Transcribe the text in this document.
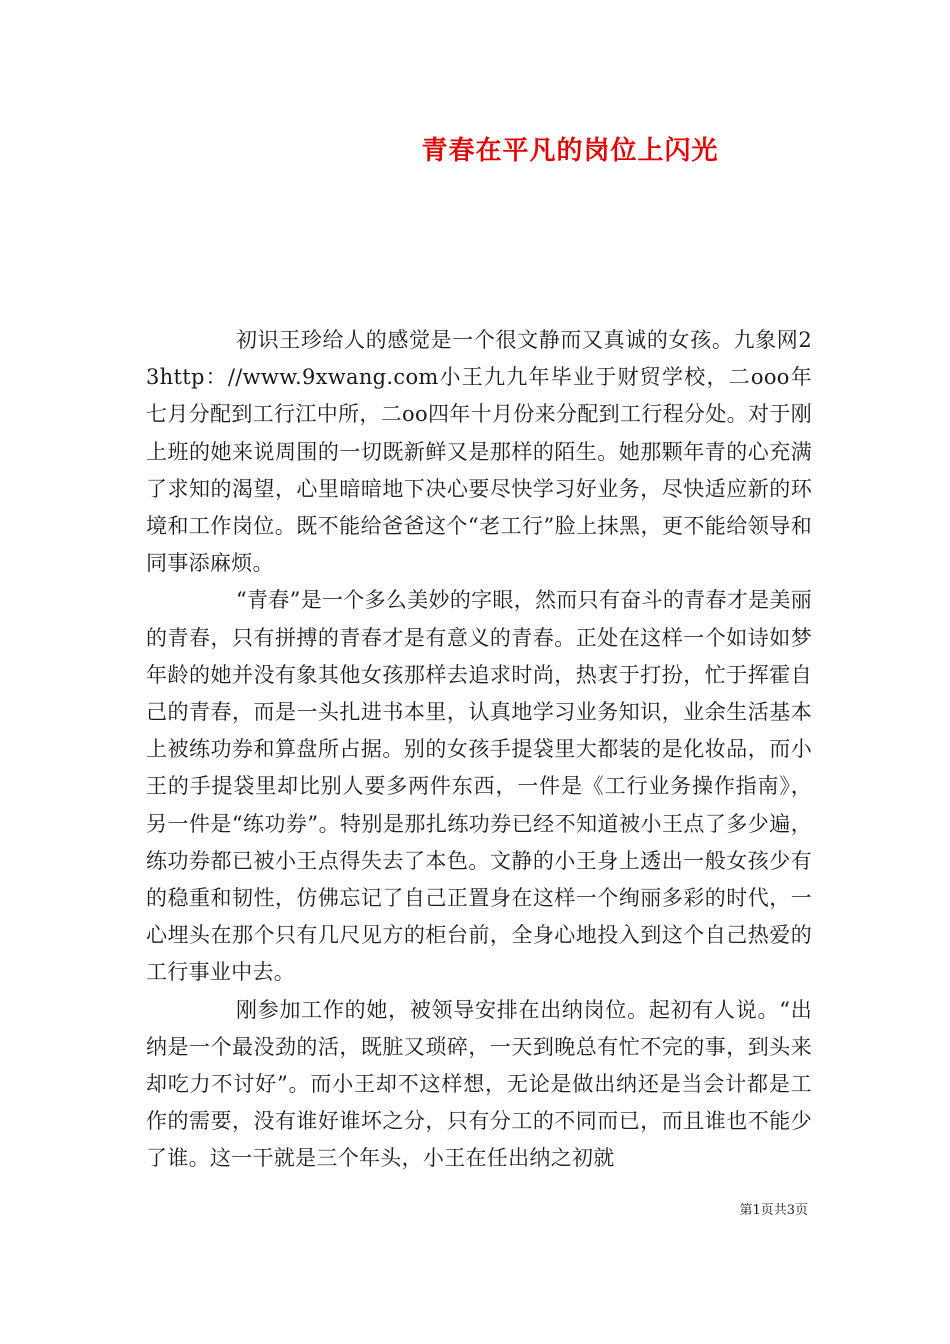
青春在平凡的岗位上闪光

初识王珍给人的感觉是一个很文静而又真诚的女孩。九象网23http：//www.9xwang.com小王九九年毕业于财贸学校，二ooo年七月分配到工行江中所，二oo四年十月份来分配到工行程分处。对于刚上班的她来说周围的一切既新鲜又是那样的陌生。她那颗年青的心充满了求知的渴望，心里暗暗地下决心要尽快学习好业务，尽快适应新的环境和工作岗位。既不能给爸爸这个“老工行”脸上抹黑，更不能给领导和同事添麻烦。

“青春”是一个多么美妙的字眼，然而只有奋斗的青春才是美丽的青春，只有拼搏的青春才是有意义的青春。正处在这样一个如诗如梦年龄的她并没有象其他女孩那样去追求时尚，热衷于打扮，忙于挥霍自己的青春，而是一头扎进书本里，认真地学习业务知识，业余生活基本上被练功券和算盘所占据。别的女孩手提袋里大都装的是化妆品，而小王的手提袋里却比别人要多两件东西，一件是《工行业务操作指南》，另一件是“练功券”。特别是那扎练功券已经不知道被小王点了多少遍，练功券都已被小王点得失去了本色。文静的小王身上透出一般女孩少有的稳重和韧性，仿佛忘记了自己正置身在这样一个绚丽多彩的时代，一心埋头在那个只有几尺见方的柜台前，全身心地投入到这个自己热爱的工行事业中去。

刚参加工作的她，被领导安排在出纳岗位。起初有人说。“出纳是一个最没劲的活，既脏又琐碎，一天到晚总有忙不完的事，到头来却吃力不讨好”。而小王却不这样想，无论是做出纳还是当会计都是工作的需要，没有谁好谁坏之分，只有分工的不同而已，而且谁也不能少了谁。这一干就是三个年头，小王在任出纳之初就

第1页共3页
